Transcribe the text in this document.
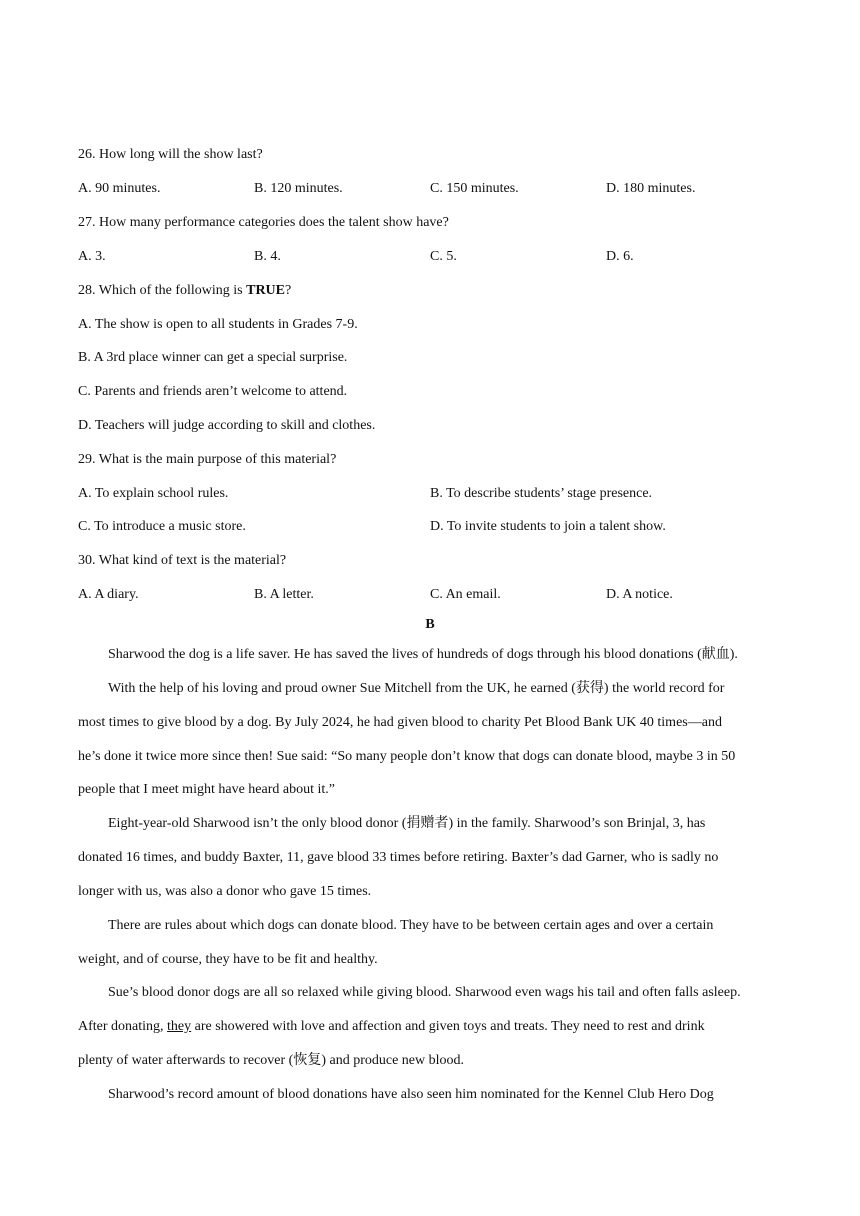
26. How long will the show last?
A. 90 minutes.	B. 120 minutes.	C. 150 minutes.	D. 180 minutes.
27. How many performance categories does the talent show have?
A. 3.	B. 4.	C. 5.	D. 6.
28. Which of the following is TRUE?
A. The show is open to all students in Grades 7-9.
B. A 3rd place winner can get a special surprise.
C. Parents and friends aren’t welcome to attend.
D. Teachers will judge according to skill and clothes.
29. What is the main purpose of this material?
A. To explain school rules.	B. To describe students’ stage presence.
C. To introduce a music store.	D. To invite students to join a talent show.
30. What kind of text is the material?
A. A diary.	B. A letter.	C. An email.	D. A notice.
B
Sharwood the dog is a life saver. He has saved the lives of hundreds of dogs through his blood donations (献血).
With the help of his loving and proud owner Sue Mitchell from the UK, he earned (获得) the world record for
most times to give blood by a dog. By July 2024, he had given blood to charity Pet Blood Bank UK 40 times—and
he’s done it twice more since then! Sue said: “So many people don’t know that dogs can donate blood, maybe 3 in 50
people that I meet might have heard about it.”
Eight-year-old Sharwood isn’t the only blood donor (捐赠者) in the family. Sharwood’s son Brinjal, 3, has
donated 16 times, and buddy Baxter, 11, gave blood 33 times before retiring. Baxter’s dad Garner, who is sadly no
longer with us, was also a donor who gave 15 times.
There are rules about which dogs can donate blood. They have to be between certain ages and over a certain
weight, and of course, they have to be fit and healthy.
Sue’s blood donor dogs are all so relaxed while giving blood. Sharwood even wags his tail and often falls asleep.
After donating, they are showered with love and affection and given toys and treats. They need to rest and drink
plenty of water afterwards to recover (恢复) and produce new blood.
Sharwood’s record amount of blood donations have also seen him nominated for the Kennel Club Hero Dog
